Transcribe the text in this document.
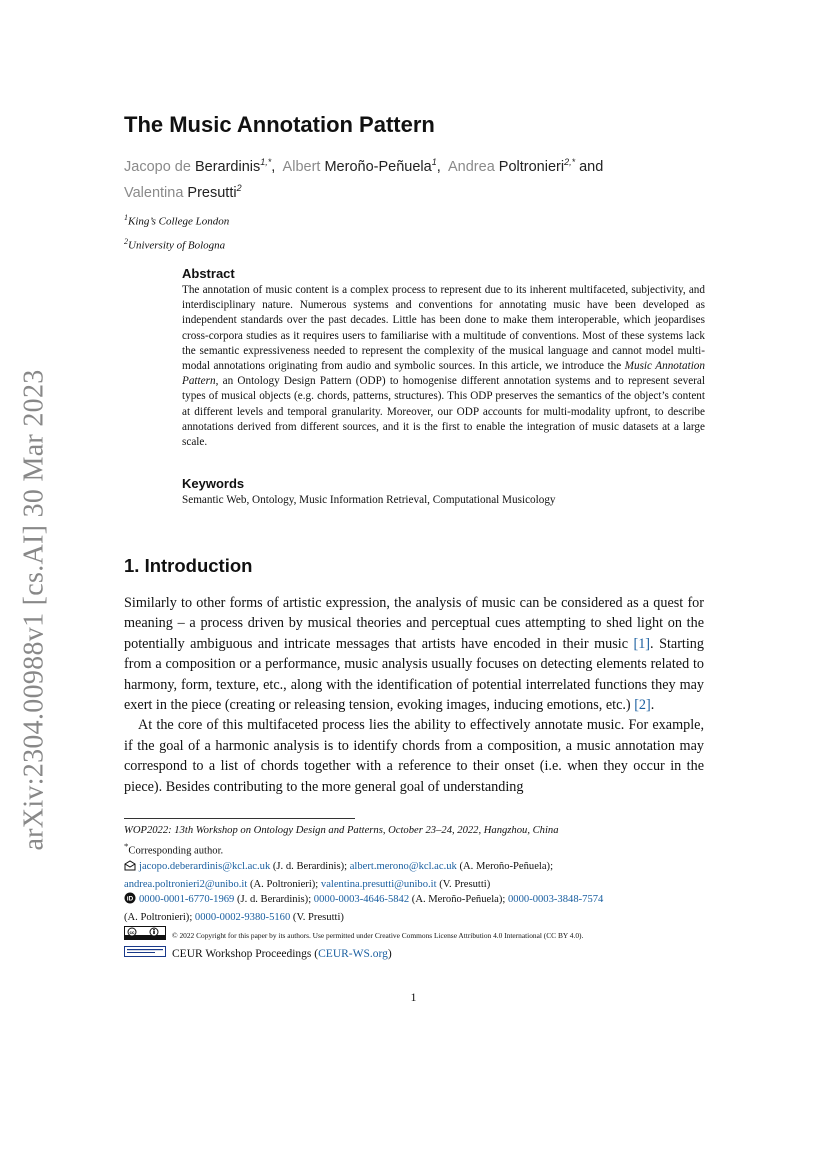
arXiv:2304.00988v1 [cs.AI] 30 Mar 2023
The Music Annotation Pattern
Jacopo de Berardinis$^{1,*}$, Albert Meroño-Peñuela$^1$, Andrea Poltronieri$^{2,*}$ and
Valentina Presutti$^2$
$^1$King’s College London
$^2$University of Bologna
Abstract

The annotation of music content is a complex process to represent due to its inherent multifaceted, subjectivity, and interdisciplinary nature. Numerous systems and conventions for annotating music have been developed as independent standards over the past decades. Little has been done to make them interoperable, which jeopardises cross-corpora studies as it requires users to familiarise with a multitude of conventions. Most of these systems lack the semantic expressiveness needed to represent the complexity of the musical language and cannot model multi-modal annotations originating from audio and symbolic sources. In this article, we introduce the Music Annotation Pattern, an Ontology Design Pattern (ODP) to homogenise different annotation systems and to represent several types of musical objects (e.g. chords, patterns, structures). This ODP preserves the semantics of the object’s content at different levels and temporal granularity. Moreover, our ODP accounts for multi-modality upfront, to describe annotations derived from different sources, and it is the first to enable the integration of music datasets at a large scale.

Keywords

Semantic Web, Ontology, Music Information Retrieval, Computational Musicology

1. Introduction

Similarly to other forms of artistic expression, the analysis of music can be considered as a quest for meaning – a process driven by musical theories and perceptual cues attempting to shed light on the potentially ambiguous and intricate messages that artists have encoded in their music [1]. Starting from a composition or a performance, music analysis usually focuses on detecting elements related to harmony, form, texture, etc., along with the identification of potential interrelated functions they may exert in the piece (creating or releasing tension, evoking images, inducing emotions, etc.) [2].

At the core of this multifaceted process lies the ability to effectively annotate music. For example, if the goal of a harmonic analysis is to identify chords from a composition, a music annotation may correspond to a list of chords together with a reference to their onset (i.e. when they occur in the piece). Besides contributing to the more general goal of understanding

WOP2022: 13th Workshop on Ontology Design and Patterns, October 23–24, 2022, Hangzhou, China

*Corresponding author.

jacopo.deberardinis@kcl.ac.uk (J. d. Berardinis); albert.merono@kcl.ac.uk (A. Meroño-Peñuela);
andrea.poltronieri2@unibo.it (A. Poltronieri); valentina.presutti@unibo.it (V. Presutti)

iD 0000-0001-6770-1969 (J. d. Berardinis); 0000-0003-4646-5842 (A. Meroño-Peñuela); 0000-0003-3848-7574
(A. Poltronieri); 0000-0002-9380-5160 (V. Presutti)

cc	© 2022 Copyright for this paper by its authors. Use permitted under Creative Commons License Attribution 4.0 International (CC BY 4.0).
CEUR Workshop Proceedings (CEUR-WS.org)
1
